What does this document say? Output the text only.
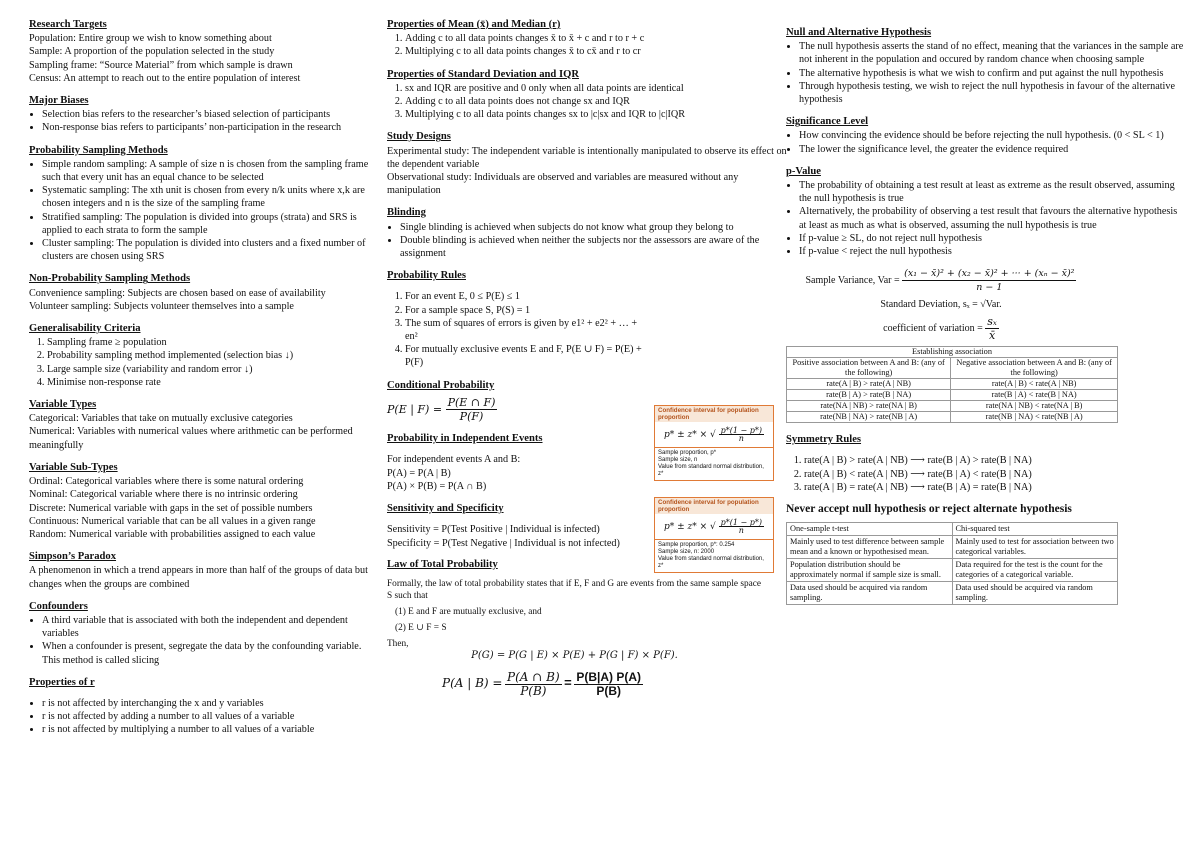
Research Targets
Population: Entire group we wish to know something about
Sample: A proportion of the population selected in the study
Sampling frame: “Source Material” from which sample is drawn
Census: An attempt to reach out to the entire population of interest
Major Biases
• Selection bias refers to the researcher’s biased selection of participants
• Non-response bias refers to participants’ non-participation in the research
Probability Sampling Methods
• Simple random sampling: A sample of size n is chosen from the sampling frame such that every unit has an equal chance to be selected
• Systematic sampling: The xth unit is chosen from every n/k units where x,k are chosen integers and n is the size of the sampling frame
• Stratified sampling: The population is divided into groups (strata) and SRS is applied to each strata to form the sample
• Cluster sampling: The population is divided into clusters and a fixed number of clusters are chosen using SRS
Non-Probability Sampling Methods
Convenience sampling: Subjects are chosen based on ease of availability
Volunteer sampling: Subjects volunteer themselves into a sample
Generalisability Criteria
1. Sampling frame ≥ population
2. Probability sampling method implemented (selection bias ↓)
3. Large sample size (variability and random error ↓)
4. Minimise non-response rate
Variable Types
Categorical: Variables that take on mutually exclusive categories
Numerical: Variables with numerical values where arithmetic can be performed meaningfully
Variable Sub-Types
Ordinal: Categorical variables where there is some natural ordering
Nominal: Categorical variable where there is no intrinsic ordering
Discrete: Numerical variable with gaps in the set of possible numbers
Continuous: Numerical variable that can be all values in a given range
Random: Numerical variable with probabilities assigned to each value
Simpson’s Paradox
A phenomenon in which a trend appears in more than half of the groups of data but changes when the groups are combined
Confounders
• A third variable that is associated with both the independent and dependent variables
• When a confounder is present, segregate the data by the confounding variable. This method is called slicing
Properties of r
• r is not affected by interchanging the x and y variables
• r is not affected by adding a number to all values of a variable
• r is not affected by multiplying a number to all values of a variable
Properties of Mean (x̄) and Median (r)
1. Adding c to all data points changes x̄ to x̄ + c and r to r + c
2. Multiplying c to all data points changes x̄ to cx̄ and r to cr
Properties of Standard Deviation and IQR
1. sx and IQR are positive and 0 only when all data points are identical
2. Adding c to all data points does not change sx and IQR
3. Multiplying c to all data points changes sx to |c|sx and IQR to |c|IQR
Study Designs
Experimental study: The independent variable is intentionally manipulated to observe its effect on the dependent variable
Observational study: Individuals are observed and variables are measured without any manipulation
Blinding
• Single blinding is achieved when subjects do not know what group they belong to
• Double blinding is achieved when neither the subjects nor the assessors are aware of the assignment
Probability Rules
1. For an event E, 0 ≤ P(E) ≤ 1
2. For a sample space S, P(S) = 1
3. The sum of squares of errors is given by e1² + e2² + … + en²
4. For mutually exclusive events E and F, P(E ∪ F) = P(E) + P(F)
Conditional Probability
P(E | $F) = \frac{P(E \cap F)}{P(F)}$
Probability in Independent Events
For independent events A and B:
P(A) = P(A | B)
P(A) × P(B) = P(A ∩ B)
Sensitivity and Specificity
Sensitivity = P(Test Positive | Individual is infected)
Specificity = P(Test Negative | Individual is not infected)
Law of Total Probability
Formally, the law of total probability states that if E, F and G are events from the same sample space S such that
(1) E and F are mutually exclusive, and
(2) E ∪ F = S
Then,
P(G) = P(G | E) × P(E) + P(G | F) × P(F).
P(A | $B) = \frac{P(A \cap B)}{P(B)} = \frac{P(B|A) P(A)}{P(B)}$
Confidence interval for population proportion
p* ± z* × √ $\frac{p*(1 - p*)}{n}$
Sample proportion, p*
Sample size, n
Value from standard normal distribution, z*
Confidence interval for population proportion
p* ± z* × √ $\frac{p*(1 - p*)}{n}$
Sample proportion, p*: 0.254
Sample size, n: 2000
Value from standard normal distribution, z*
Null and Alternative Hypothesis
• The null hypothesis asserts the stand of no effect, meaning that the variances in the sample are not inherent in the population and occured by random chance when choosing sample
• The alternative hypothesis is what we wish to confirm and put against the null hypothesis
• Through hypothesis testing, we wish to reject the null hypothesis in favour of the alternative hypothesis
Significance Level
• How convincing the evidence should be before rejecting the null hypothesis. (0 < SL < 1)
• The lower the significance level, the greater the evidence required
p-Value
• The probability of obtaining a test result at least as extreme as the result observed, assuming the null hypothesis is true
• Alternatively, the probability of observing a test result that favours the alternative hypothesis at least as much as what is observed, assuming the null hypothesis is true
• If p-value ≥ SL, do not reject null hypothesis
• If p-value < reject the null hypothesis
Sample Variance, Var = $\frac{\text{(x₁ − x̄)² + (x₂ − x̄)² + ··· + (xₙ − x̄)²}}{n - 1}$
Standard Deviation, sₓ = √Var.
coefficient of variation = $\frac{\text{sₓ}}{x̄}$
Establishing association	
Positive association between A and B: (any of the following)	Negative association between A and B: (any of the following)
rate(A | B) > rate(A | NB)	rate(A | B) < rate(A | NB)
rate(B | A) > rate(B | NA)	rate(B | A) < rate(B | NA)
rate(NA | NB) > rate(NA | B)	rate(NA | NB) < rate(NA | B)
rate(NB | NA) > rate(NB | A)	rate(NB | NA) < rate(NB | A)
Symmetry Rules
1. rate(A | B) > rate(A | NB) ⟶ rate(B | A) > rate(B | NA)
2. rate(A | B) < rate(A | NB) ⟶ rate(B | A) < rate(B | NA)
3. rate(A | B) = rate(A | NB) ⟶ rate(B | A) = rate(B | NA)
Never accept null hypothesis or reject alternate hypothesis
One-sample t-test	Chi-squared test
Mainly used to test difference between sample mean and a known or hypothesised mean.	Mainly used to test for association between two categorical variables.
Population distribution should be approximately normal if sample size is small.	Data required for the test is the count for the categories of a categorical variable.
Data used should be acquired via random sampling.	Data used should be acquired via random sampling.
